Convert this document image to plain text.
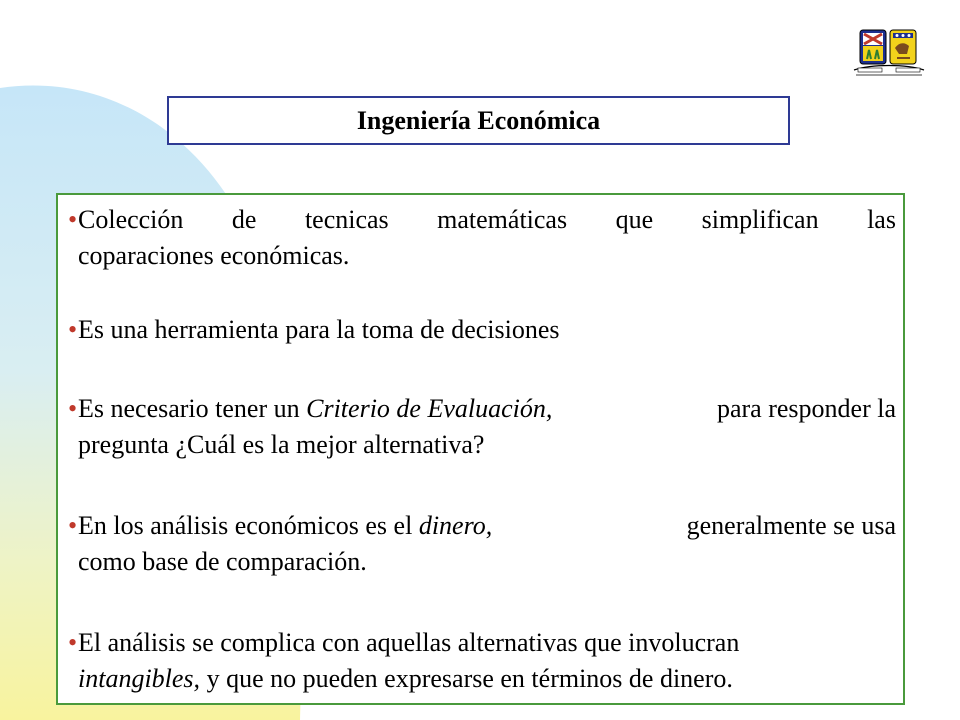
Ingeniería Económica
• Colección de tecnicas matemáticas que simplifican las
coparaciones económicas.
• Es una herramienta para la toma de decisiones
• Es necesario tener un Criterio de Evaluación,	para responder la
pregunta ¿Cuál es la mejor alternativa?
• En los análisis económicos es el dinero,	generalmente se usa
como base de comparación.
• El análisis se complica con aquellas alternativas que involucran
intangibles, y que no pueden expresarse en términos de dinero.
